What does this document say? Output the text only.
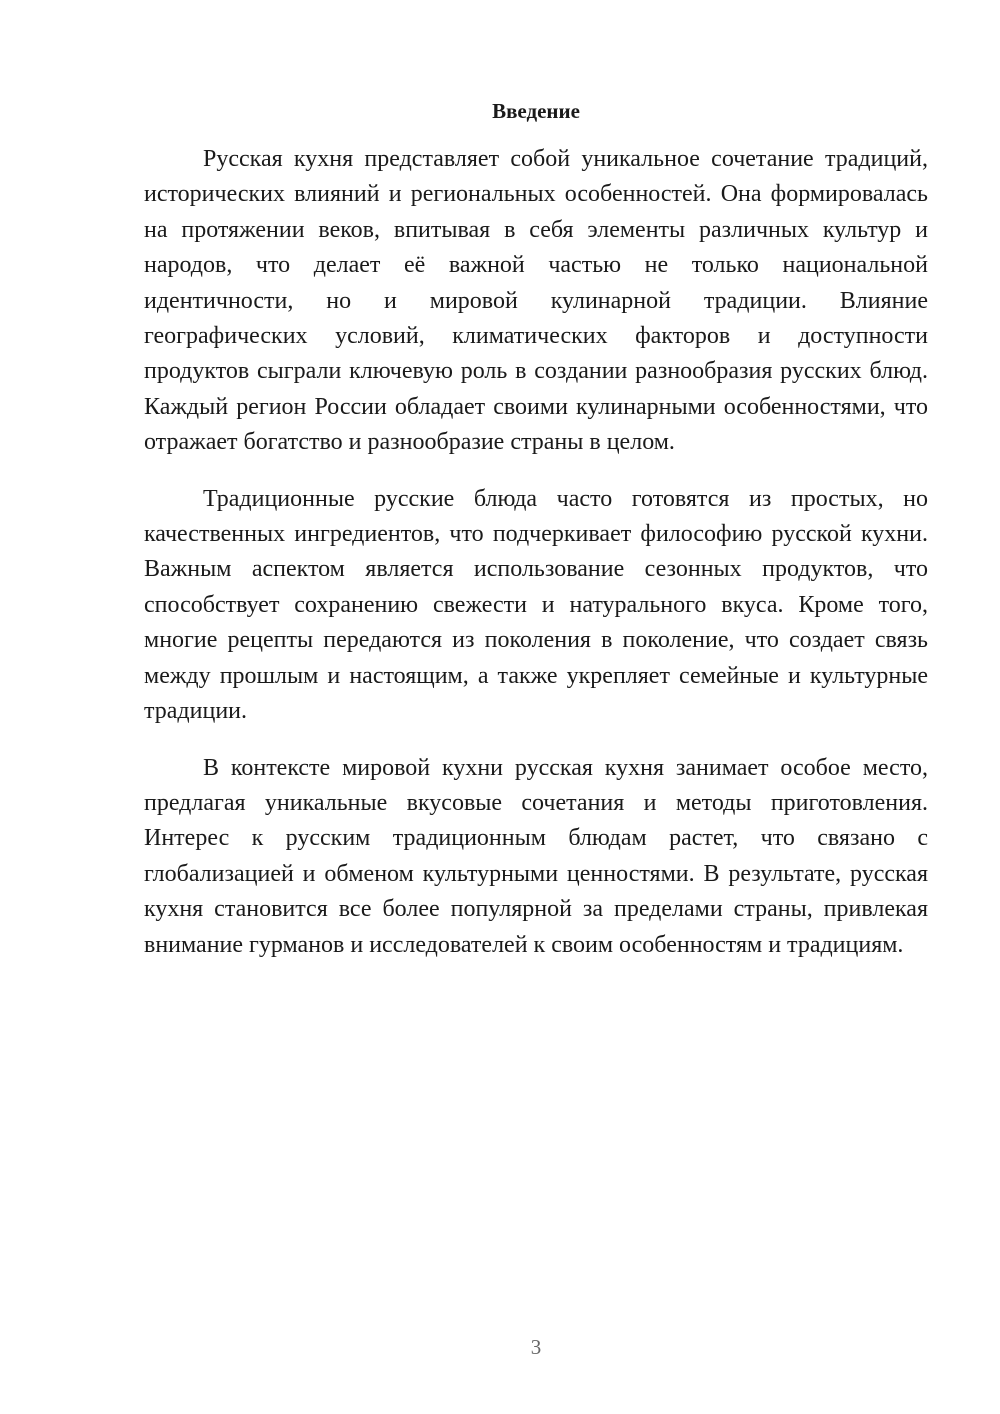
Введение

Русская кухня представляет собой уникальное сочетание традиций, исторических влияний и региональных особенностей. Она формировалась на протяжении веков, впитывая в себя элементы различных культур и народов, что делает её важной частью не только национальной идентичности, но и мировой кулинарной традиции. Влияние географических условий, климатических факторов и доступности продуктов сыграли ключевую роль в создании разнообразия русских блюд. Каждый регион России обладает своими кулинарными особенностями, что отражает богатство и разнообразие страны в целом.

Традиционные русские блюда часто готовятся из простых, но качественных ингредиентов, что подчеркивает философию русской кухни. Важным аспектом является использование сезонных продуктов, что способствует сохранению свежести и натурального вкуса. Кроме того, многие рецепты передаются из поколения в поколение, что создает связь между прошлым и настоящим, а также укрепляет семейные и культурные традиции.

В контексте мировой кухни русская кухня занимает особое место, предлагая уникальные вкусовые сочетания и методы приготовления. Интерес к русским традиционным блюдам растет, что связано с глобализацией и обменом культурными ценностями. В результате, русская кухня становится все более популярной за пределами страны, привлекая внимание гурманов и исследователей к своим особенностям и традициям.

3
